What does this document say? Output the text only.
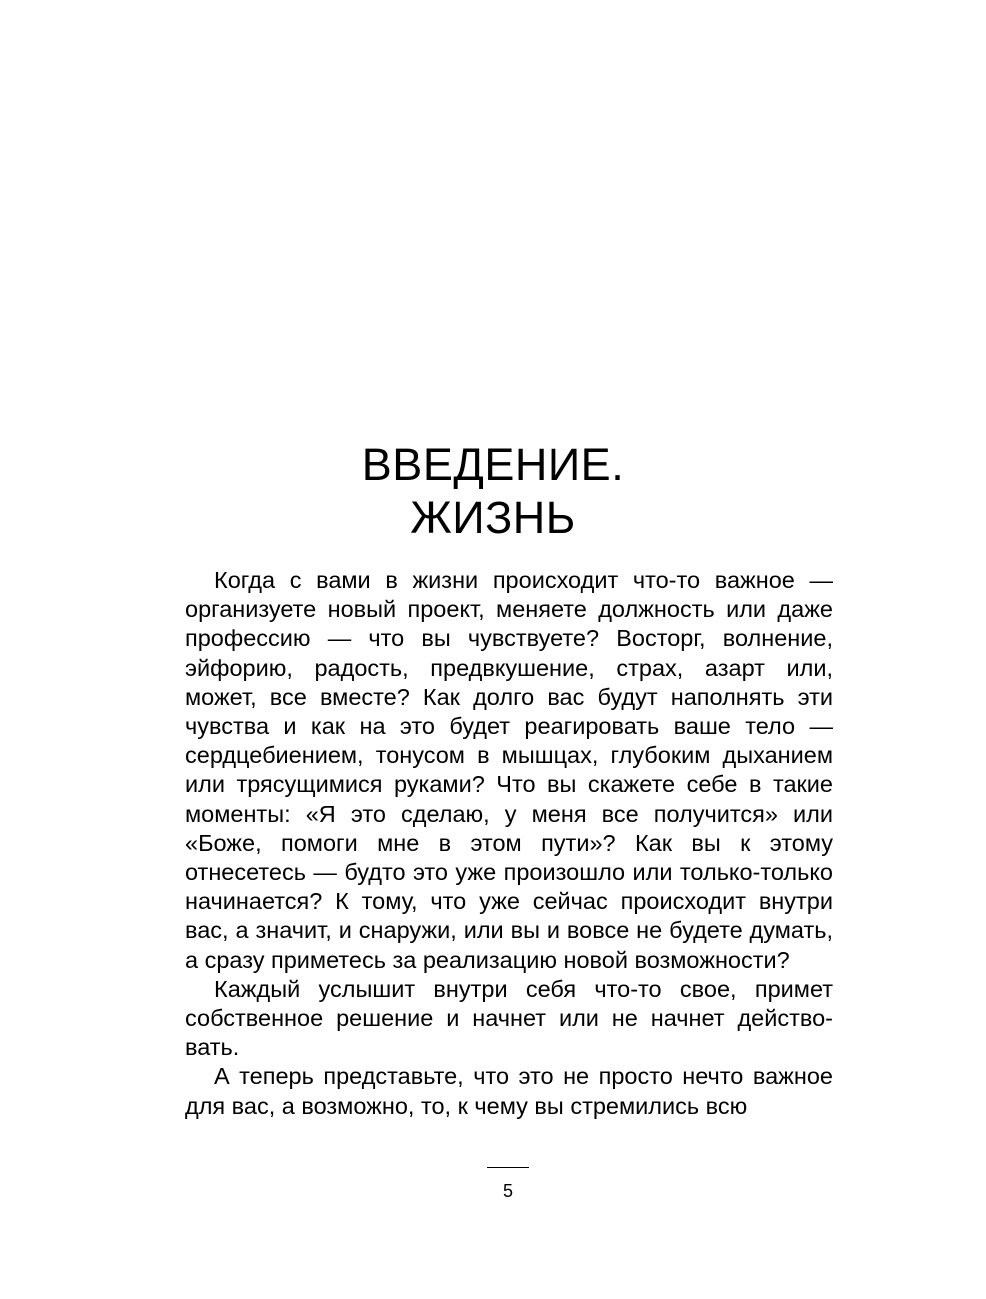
ВВЕДЕНИЕ.
ЖИЗНЬ

Когда с вами в жизни происходит что-то важное — организуете новый проект, меняете должность или даже профессию — что вы чувствуете? Восторг, волнение, эйфорию, радость, предвкушение, страх, азарт или, может, все вместе? Как долго вас будут наполнять эти чувства и как на это будет реагировать ваше тело — сердцебиением, тонусом в мышцах, глубоким дыханием или трясущимися руками? Что вы скажете себе в такие моменты: «Я это сделаю, у меня все получится» или «Боже, помоги мне в этом пути»? Как вы к этому отнесетесь — будто это уже произошло или только-только начинается? К тому, что уже сейчас происходит внутри вас, а значит, и снаружи, или вы и вовсе не будете думать, а сразу приметесь за реализацию новой возможности?

Каждый услышит внутри себя что-то свое, примет собственное решение и начнет или не начнет действовать.

А теперь представьте, что это не просто нечто важное для вас, а возможно, то, к чему вы стремились всю

5
